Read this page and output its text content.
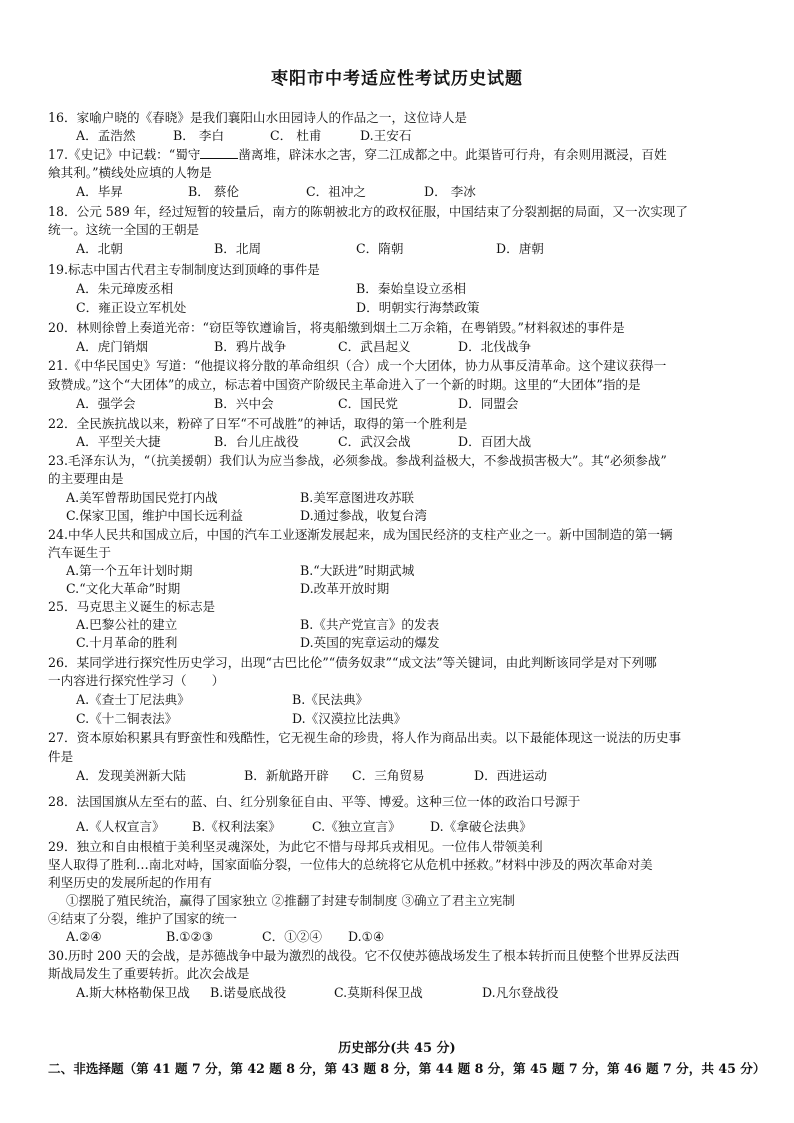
枣阳市中考适应性考试历史试题
16．家喻户晓的《春晓》是我们襄阳山水田园诗人的作品之一，这位诗人是
A．孟浩然	B． 李白	C． 杜甫	D.王安石
17.《史记》中记载：“蜀守	凿离堆，辟沫水之害，穿二江成都之中。此渠皆可行舟，有余则用溉浸，百姓
飨其利。”横线处应填的人物是
A．毕昇	B． 蔡伦	C．祖冲之	D． 李冰
18．公元 589 年，经过短暂的较量后，南方的陈朝被北方的政权征服，中国结束了分裂割据的局面，又一次实现了
统一。这统一全国的王朝是
A．北朝	B．北周	C．隋朝	D．唐朝
19.标志中国古代君主专制制度达到顶峰的事件是
A．朱元璋废丞相	B．秦始皇设立丞相
C．雍正设立军机处	D．明朝实行海禁政策
20．林则徐曾上奏道光帝：“窃臣等钦遵谕旨，将夷船缴到烟土二万余箱，在粤销毁。”材料叙述的事件是
A．虎门销烟	B．鸦片战争	C．武昌起义	D．北伐战争
21.《中华民国史》写道：“他提议将分散的革命组织（合）成一个大团体，协力从事反清革命。这个建议获得一
致赞成。”这个“大团体”的成立，标志着中国资产阶级民主革命进入了一个新的时期。这里的“大团体”指的是
A．强学会	B．兴中会	C．国民党	D．同盟会
22．全民族抗战以来，粉碎了日军“不可战胜”的神话，取得的第一个胜利是
A．平型关大捷	B．台儿庄战役	C．武汉会战	D．百团大战
23.毛泽东认为，“（抗美援朝）我们认为应当参战，必须参战。参战利益极大，不参战损害极大”。其“必须参战”
的主要理由是
A.美军曾帮助国民党打内战	B.美军意图进攻苏联
C.保家卫国，维护中国长远利益	D.通过参战，收复台湾
24.中华人民共和国成立后，中国的汽车工业逐渐发展起来，成为国民经济的支柱产业之一。新中国制造的第一辆
汽车诞生于
A.第一个五年计划时期	B.“大跃进”时期武城
C.“文化大革命”时期	D.改革开放时期
25．马克思主义诞生的标志是
A.巴黎公社的建立	B.《共产党宣言》的发表
C.十月革命的胜利	D.英国的宪章运动的爆发
26．某同学进行探究性历史学习，出现“古巴比伦”“债务奴隶”“成文法”等关键词，由此判断该同学是对下列哪
一内容进行探究性学习（　　）
A.《查士丁尼法典》	B.《民法典》
C.《十二铜表法》	D.《汉漠拉比法典》
27．资本原始积累具有野蛮性和残酷性，它无视生命的珍贵，将人作为商品出卖。以下最能体现这一说法的历史事
件是
A．发现美洲新大陆	B．新航路开辟 C．三角贸易	D．西进运动
28．法国国旗从左至右的蓝、白、红分别象征自由、平等、博爱。这种三位一体的政治口号源于
A.《人权宣言》 B.《权利法案》 C.《独立宣言》 D.《拿破仑法典》
29．独立和自由根植于美利坚灵魂深处，为此它不惜与母邦兵戎相见。一位伟人带领美利
坚人取得了胜利…南北对峙，国家面临分裂，一位伟大的总统将它从危机中拯救。”材料中涉及的两次革命对美
利坚历史的发展所起的作用有
①摆脱了殖民统治，赢得了国家独立 ②推翻了封建专制制度 ③确立了君主立宪制
④结束了分裂，维护了国家的统一
A.②④	B.①②③	C．①②④ D.①④
30.历时 200 天的会战，是苏德战争中最为激烈的战役。它不仅使苏德战场发生了根本转折而且使整个世界反法西
斯战局发生了重要转折。此次会战是
A.斯大林格勒保卫战 B.诺曼底战役	C.莫斯科保卫战	D.凡尔登战役
历史部分(共 45 分)
二、非选择题（第 41 题 7 分，第 42 题 8 分，第 43 题 8 分，第 44 题 8 分，第 45 题 7 分，第 46 题 7 分，共 45 分）
